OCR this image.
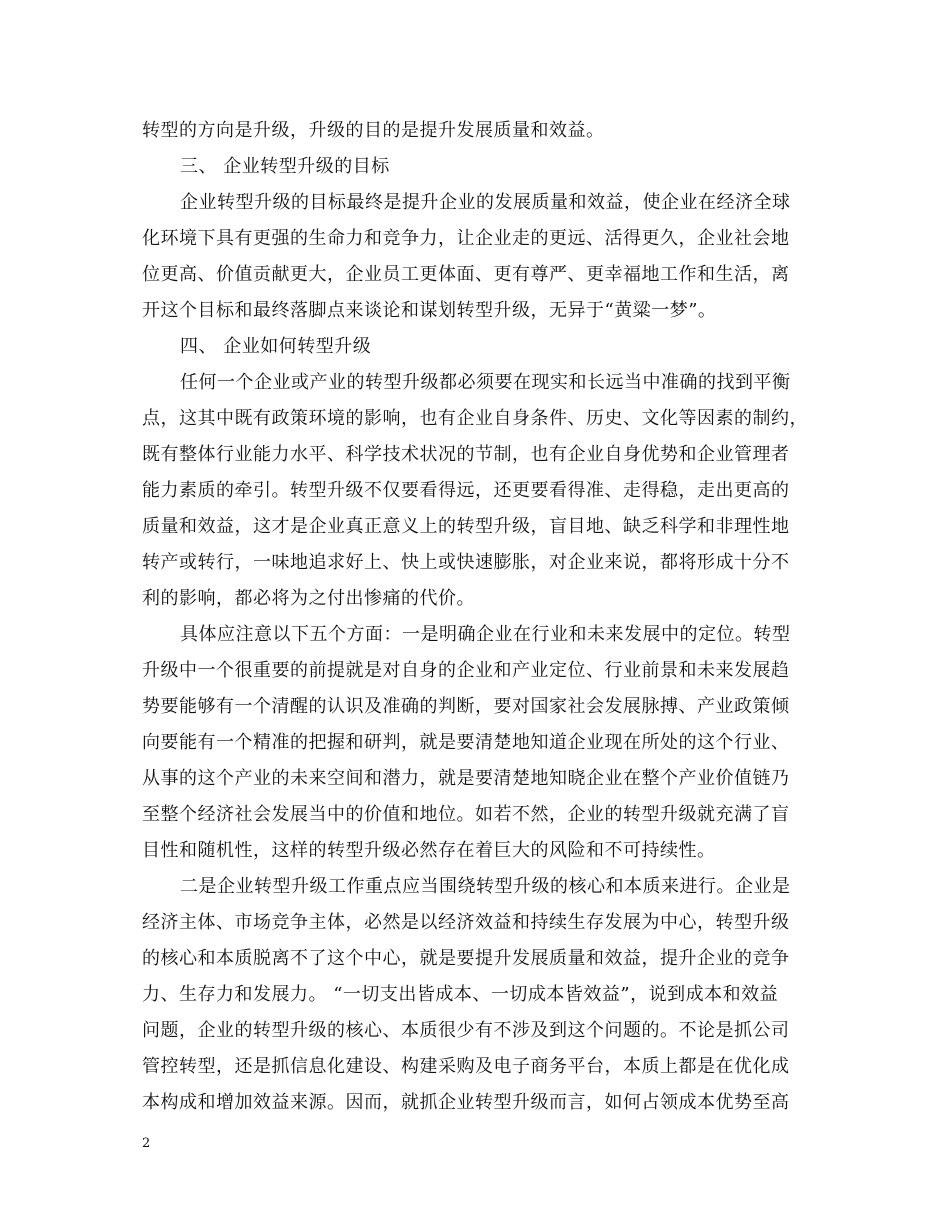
转型的方向是升级，升级的目的是提升发展质量和效益。
三、 企业转型升级的目标
企业转型升级的目标最终是提升企业的发展质量和效益，使企业在经济全球
化环境下具有更强的生命力和竞争力，让企业走的更远、活得更久，企业社会地
位更高、价值贡献更大，企业员工更体面、更有尊严、更幸福地工作和生活，离
开这个目标和最终落脚点来谈论和谋划转型升级，无异于“黄粱一梦”。
四、 企业如何转型升级
任何一个企业或产业的转型升级都必须要在现实和长远当中准确的找到平衡
点，这其中既有政策环境的影响，也有企业自身条件、历史、文化等因素的制约，
既有整体行业能力水平、科学技术状况的节制，也有企业自身优势和企业管理者
能力素质的牵引。转型升级不仅要看得远，还更要看得准、走得稳，走出更高的
质量和效益，这才是企业真正意义上的转型升级，盲目地、缺乏科学和非理性地
转产或转行，一味地追求好上、快上或快速膨胀，对企业来说，都将形成十分不
利的影响，都必将为之付出惨痛的代价。
具体应注意以下五个方面：一是明确企业在行业和未来发展中的定位。转型
升级中一个很重要的前提就是对自身的企业和产业定位、行业前景和未来发展趋
势要能够有一个清醒的认识及准确的判断，要对国家社会发展脉搏、产业政策倾
向要能有一个精准的把握和研判，就是要清楚地知道企业现在所处的这个行业、
从事的这个产业的未来空间和潜力，就是要清楚地知晓企业在整个产业价值链乃
至整个经济社会发展当中的价值和地位。如若不然，企业的转型升级就充满了盲
目性和随机性，这样的转型升级必然存在着巨大的风险和不可持续性。
二是企业转型升级工作重点应当围绕转型升级的核心和本质来进行。企业是
经济主体、市场竞争主体，必然是以经济效益和持续生存发展为中心，转型升级
的核心和本质脱离不了这个中心，就是要提升发展质量和效益，提升企业的竞争
力、生存力和发展力。 “一切支出皆成本、一切成本皆效益”，说到成本和效益
问题，企业的转型升级的核心、本质很少有不涉及到这个问题的。不论是抓公司
管控转型，还是抓信息化建设、构建采购及电子商务平台，本质上都是在优化成
本构成和增加效益来源。因而，就抓企业转型升级而言，如何占领成本优势至高
2
